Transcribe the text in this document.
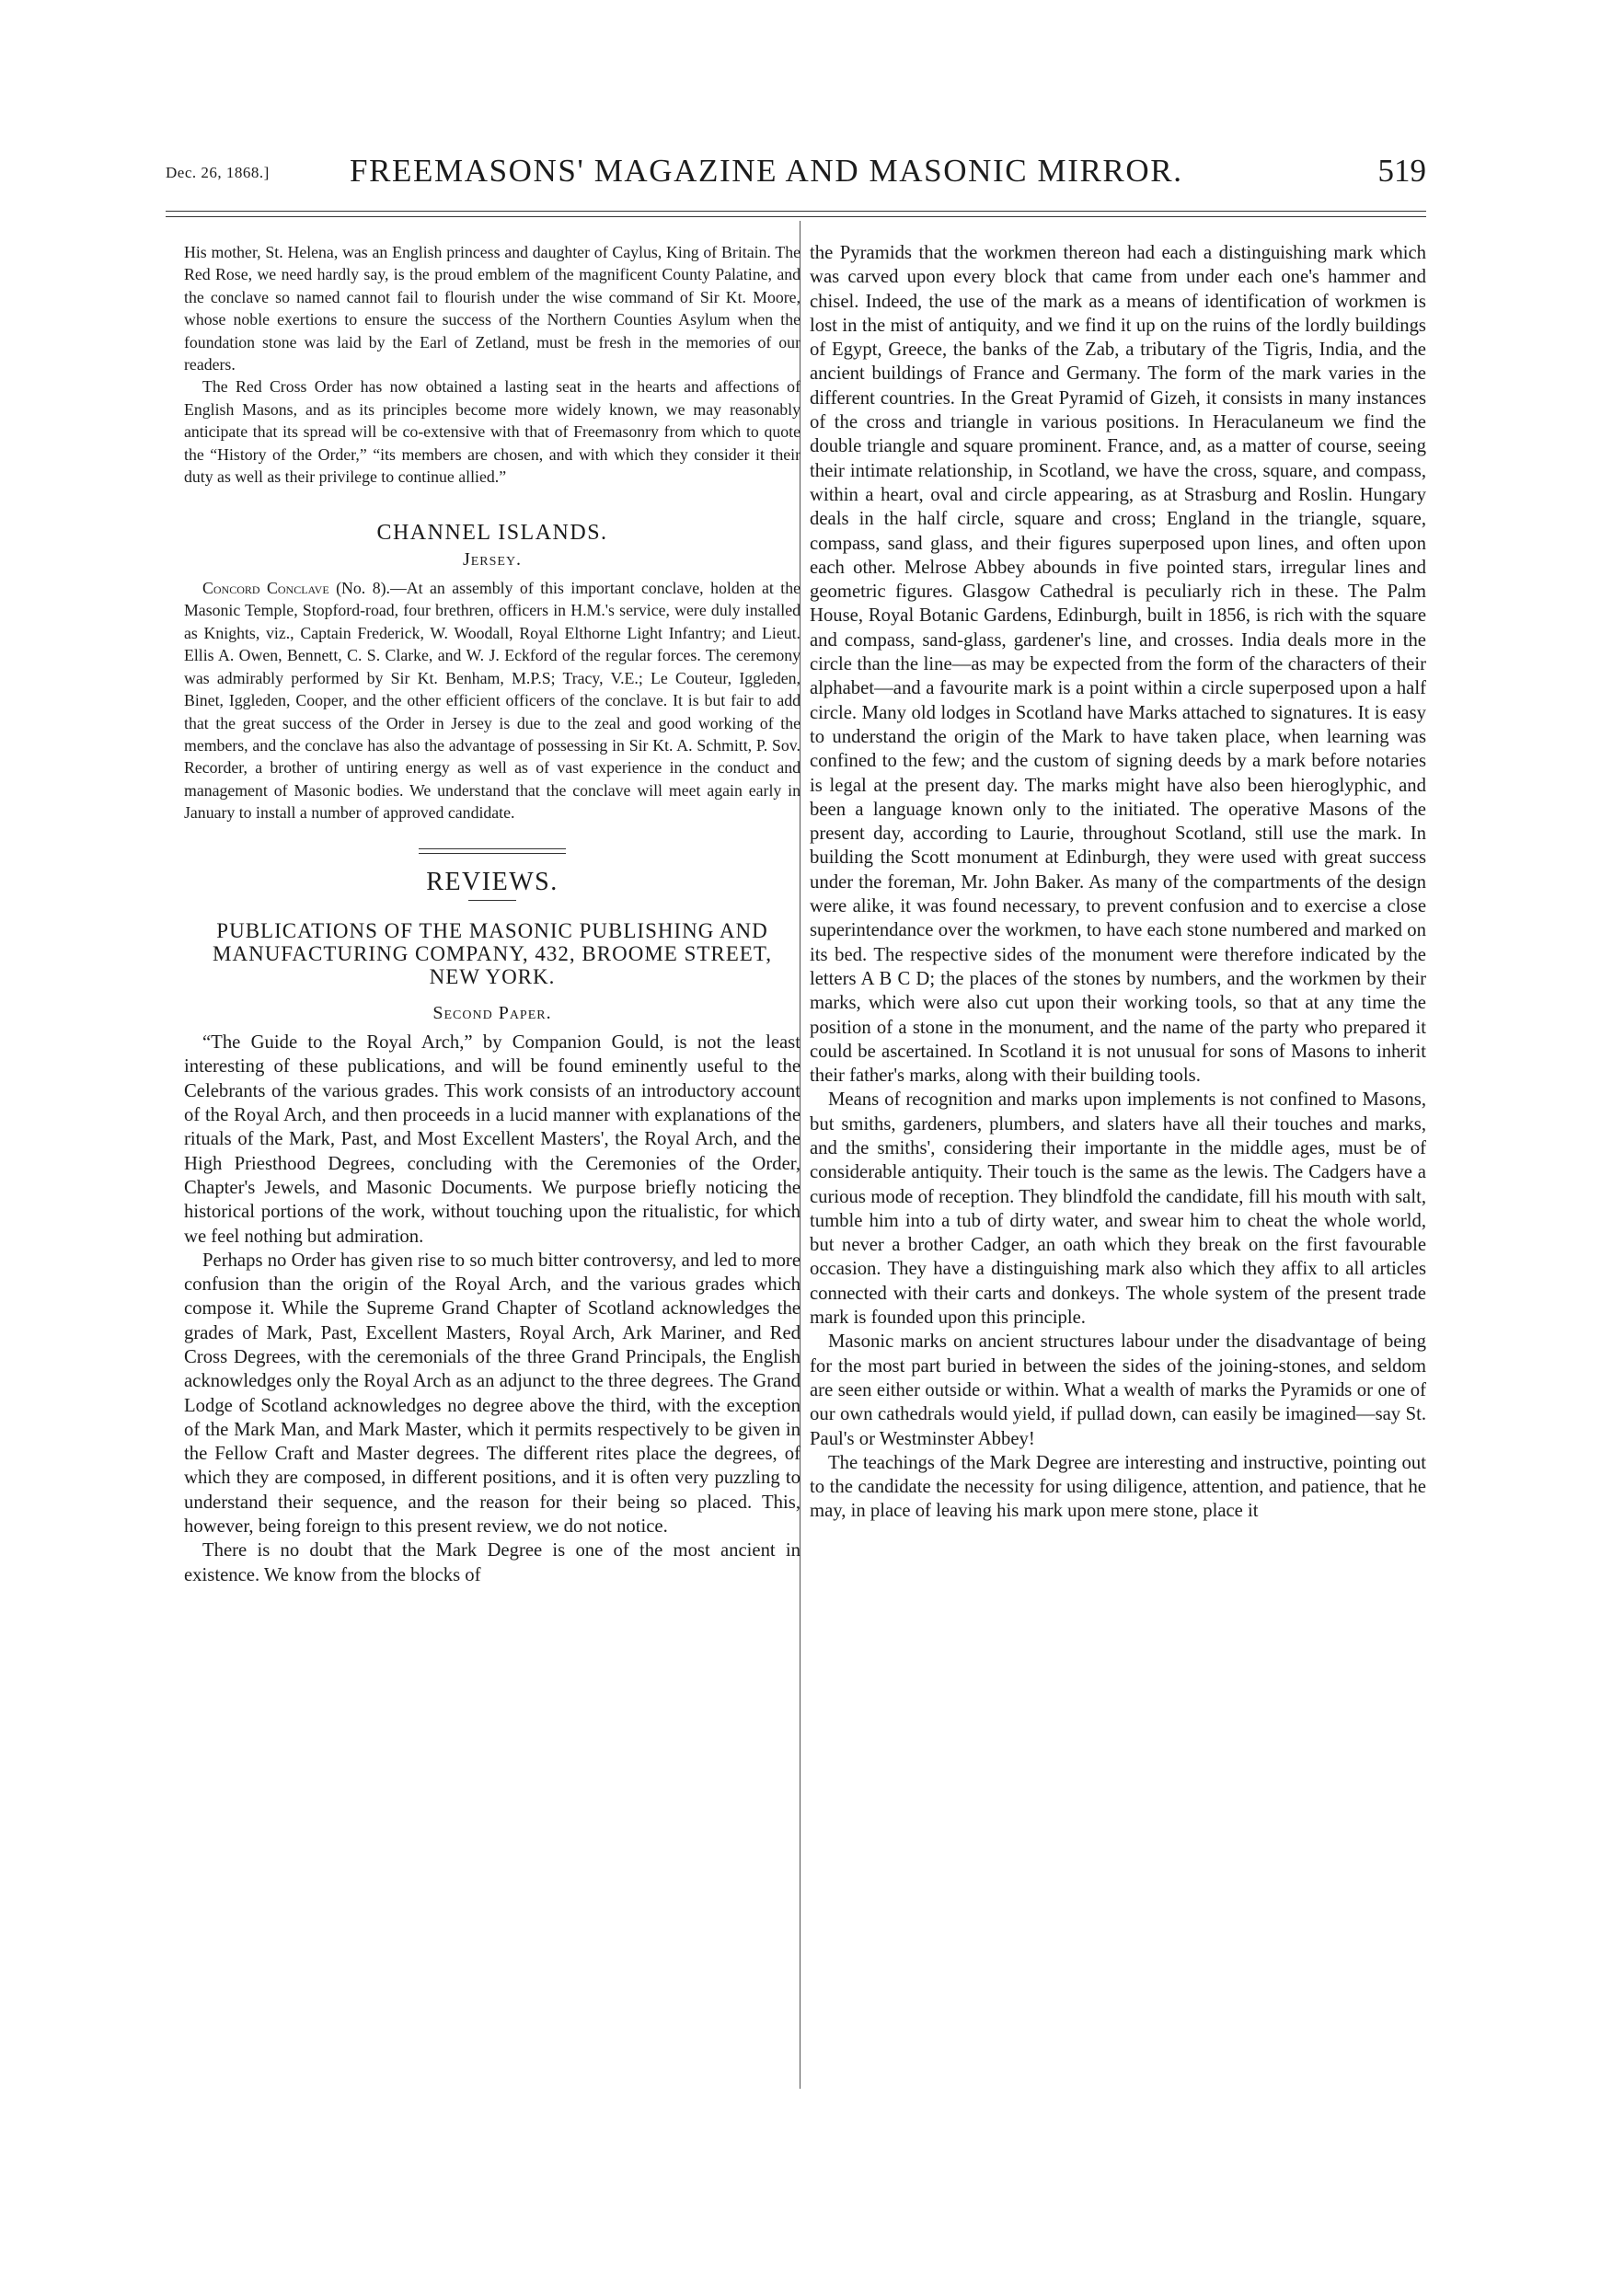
Dec. 26, 1868.] FREEMASONS' MAGAZINE AND MASONIC MIRROR.	519

His mother, St. Helena, was an English princess and daughter of Caylus, King of Britain. The Red Rose, we need hardly say, is the proud emblem of the magnificent County Palatine, and the conclave so named cannot fail to flourish under the wise command of Sir Kt. Moore, whose noble exertions to ensure the success of the Northern Counties Asylum when the foundation stone was laid by the Earl of Zetland, must be fresh in the memories of our readers.

The Red Cross Order has now obtained a lasting seat in the hearts and affections of English Masons, and as its principles become more widely known, we may reasonably anticipate that its spread will be co-extensive with that of Freemasonry from which to quote the “History of the Order,” “its members are chosen, and with which they consider it their duty as well as their privilege to continue allied.”

CHANNEL ISLANDS.
Jersey.

Concord Conclave (No. 8).—At an assembly of this important conclave, holden at the Masonic Temple, Stopford-road, four brethren, officers in H.M.'s service, were duly installed as Knights, viz., Captain Frederick, W. Woodall, Royal Elthorne Light Infantry; and Lieut. Ellis A. Owen, Bennett, C. S. Clarke, and W. J. Eckford of the regular forces. The ceremony was admirably performed by Sir Kt. Benham, M.P.S; Tracy, V.E.; Le Couteur, Iggleden, Binet, Iggleden, Cooper, and the other efficient officers of the conclave. It is but fair to add that the great success of the Order in Jersey is due to the zeal and good working of the members, and the conclave has also the advantage of possessing in Sir Kt. A. Schmitt, P. Sov. Recorder, a brother of untiring energy as well as of vast experience in the conduct and management of Masonic bodies. We understand that the conclave will meet again early in January to install a number of approved candidate.

REVIEWS.
PUBLICATIONS OF THE MASONIC PUBLISHING AND MANUFACTURING COMPANY, 432, BROOME STREET, NEW YORK.
Second Paper.

“The Guide to the Royal Arch,” by Companion Gould, is not the least interesting of these publications, and will be found eminently useful to the Celebrants of the various grades. This work consists of an introductory account of the Royal Arch, and then proceeds in a lucid manner with explanations of the rituals of the Mark, Past, and Most Excellent Masters', the Royal Arch, and the High Priesthood Degrees, concluding with the Ceremonies of the Order, Chapter's Jewels, and Masonic Documents. We purpose briefly noticing the historical portions of the work, without touching upon the ritualistic, for which we feel nothing but admiration.

Perhaps no Order has given rise to so much bitter controversy, and led to more confusion than the origin of the Royal Arch, and the various grades which compose it. While the Supreme Grand Chapter of Scotland acknowledges the grades of Mark, Past, Excellent Masters, Royal Arch, Ark Mariner, and Red Cross Degrees, with the ceremonials of the three Grand Principals, the English acknowledges only the Royal Arch as an adjunct to the three degrees. The Grand Lodge of Scotland acknowledges no degree above the third, with the exception of the Mark Man, and Mark Master, which it permits respectively to be given in the Fellow Craft and Master degrees. The different rites place the degrees, of which they are composed, in different positions, and it is often very puzzling to understand their sequence, and the reason for their being so placed. This, however, being foreign to this present review, we do not notice.

There is no doubt that the Mark Degree is one of the most ancient in existence. We know from the blocks of

the Pyramids that the workmen thereon had each a distinguishing mark which was carved upon every block that came from under each one's hammer and chisel. Indeed, the use of the mark as a means of identification of workmen is lost in the mist of antiquity, and we find it up on the ruins of the lordly buildings of Egypt, Greece, the banks of the Zab, a tributary of the Tigris, India, and the ancient buildings of France and Germany. The form of the mark varies in the different countries. In the Great Pyramid of Gizeh, it consists in many instances of the cross and triangle in various positions. In Heraculaneum we find the double triangle and square prominent. France, and, as a matter of course, seeing their intimate relationship, in Scotland, we have the cross, square, and compass, within a heart, oval and circle appearing, as at Strasburg and Roslin. Hungary deals in the half circle, square and cross; England in the triangle, square, compass, sand glass, and their figures superposed upon lines, and often upon each other. Melrose Abbey abounds in five pointed stars, irregular lines and geometric figures. Glasgow Cathedral is peculiarly rich in these. The Palm House, Royal Botanic Gardens, Edinburgh, built in 1856, is rich with the square and compass, sand-glass, gardener's line, and crosses. India deals more in the circle than the line—as may be expected from the form of the characters of their alphabet—and a favourite mark is a point within a circle superposed upon a half circle. Many old lodges in Scotland have Marks attached to signatures. It is easy to understand the origin of the Mark to have taken place, when learning was confined to the few; and the custom of signing deeds by a mark before notaries is legal at the present day. The marks might have also been hieroglyphic, and been a language known only to the initiated. The operative Masons of the present day, according to Laurie, throughout Scotland, still use the mark. In building the Scott monument at Edinburgh, they were used with great success under the foreman, Mr. John Baker. As many of the compartments of the design were alike, it was found necessary, to prevent confusion and to exercise a close superintendance over the workmen, to have each stone numbered and marked on its bed. The respective sides of the monument were therefore indicated by the letters A B C D; the places of the stones by numbers, and the workmen by their marks, which were also cut upon their working tools, so that at any time the position of a stone in the monument, and the name of the party who prepared it could be ascertained. In Scotland it is not unusual for sons of Masons to inherit their father's marks, along with their building tools.

Means of recognition and marks upon implements is not confined to Masons, but smiths, gardeners, plumbers, and slaters have all their touches and marks, and the smiths', considering their importante in the middle ages, must be of considerable antiquity. Their touch is the same as the lewis. The Cadgers have a curious mode of reception. They blindfold the candidate, fill his mouth with salt, tumble him into a tub of dirty water, and swear him to cheat the whole world, but never a brother Cadger, an oath which they break on the first favourable occasion. They have a distinguishing mark also which they affix to all articles connected with their carts and donkeys. The whole system of the present trade mark is founded upon this principle.

Masonic marks on ancient structures labour under the disadvantage of being for the most part buried in between the sides of the joining-stones, and seldom are seen either outside or within. What a wealth of marks the Pyramids or one of our own cathedrals would yield, if pullad down, can easily be imagined—say St. Paul's or Westminster Abbey!

The teachings of the Mark Degree are interesting and instructive, pointing out to the candidate the necessity for using diligence, attention, and patience, that he may, in place of leaving his mark upon mere stone, place it
